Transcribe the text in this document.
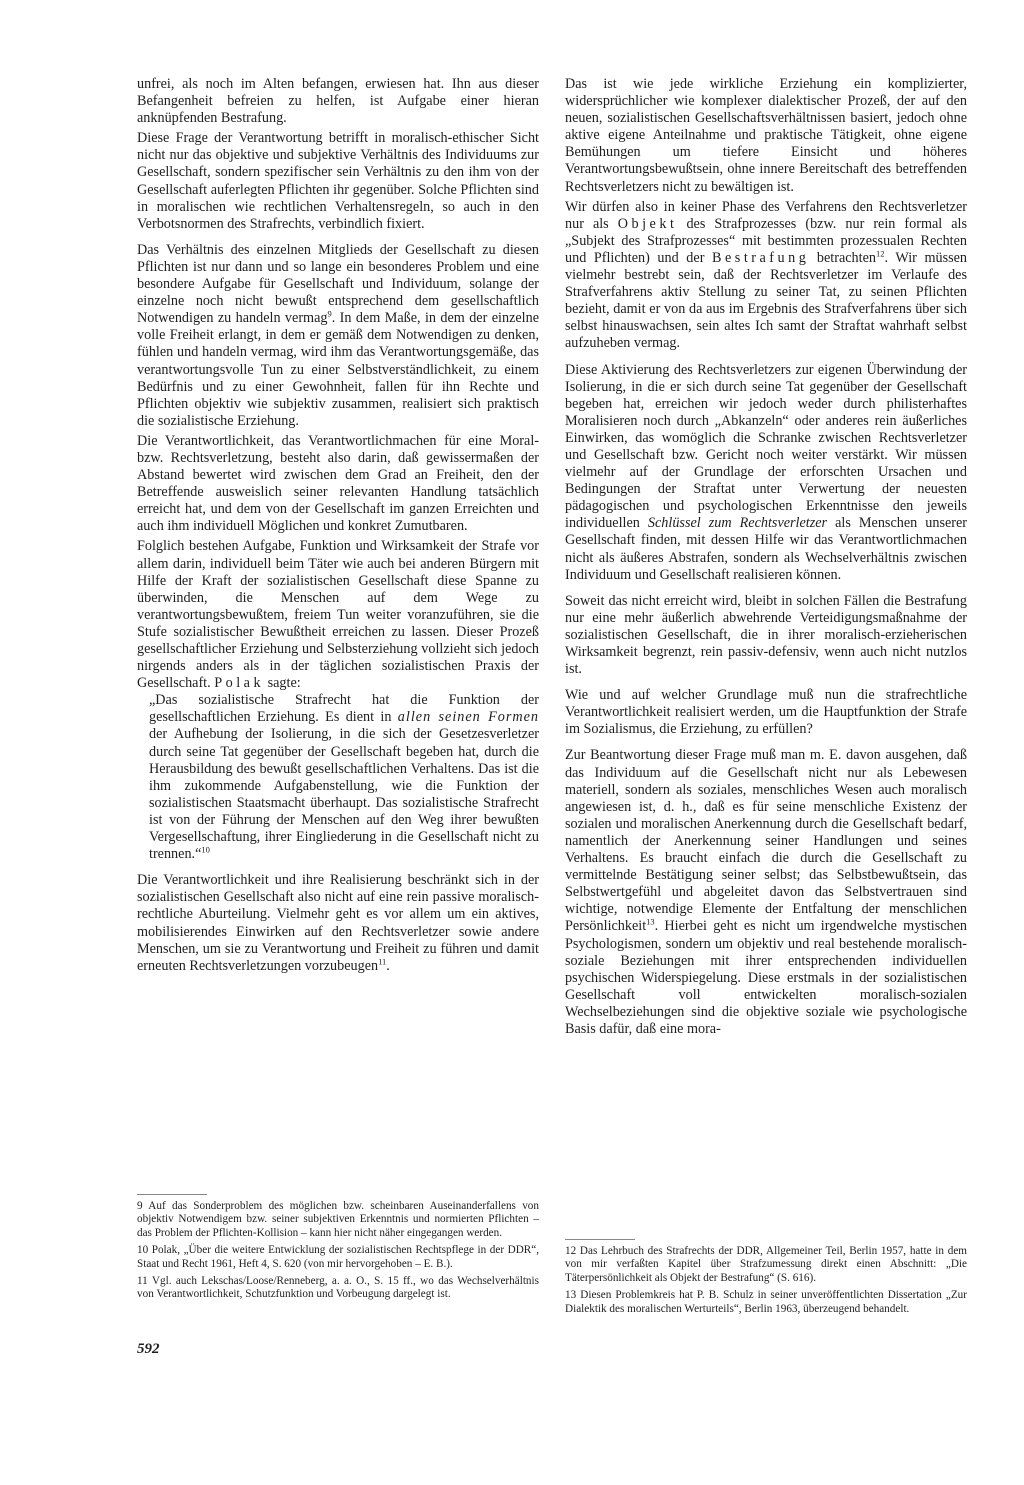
unfrei, als noch im Alten befangen, erwiesen hat. Ihn aus dieser Befangenheit befreien zu helfen, ist Aufgabe einer hieran anknüpfenden Bestrafung.

Diese Frage der Verantwortung betrifft in moralisch-ethischer Sicht nicht nur das objektive und subjektive Verhältnis des Individuums zur Gesellschaft, sondern spezifischer sein Verhältnis zu den ihm von der Gesellschaft auferlegten Pflichten ihr gegenüber. Solche Pflichten sind in moralischen wie rechtlichen Verhaltensregeln, so auch in den Verbotsnormen des Strafrechts, verbindlich fixiert.

Das Verhältnis des einzelnen Mitglieds der Gesellschaft zu diesen Pflichten ist nur dann und so lange ein besonderes Problem und eine besondere Aufgabe für Gesellschaft und Individuum, solange der einzelne noch nicht bewußt entsprechend dem gesellschaftlich Notwendigen zu handeln vermag$^9$. In dem Maße, in dem der einzelne volle Freiheit erlangt, in dem er gemäß dem Notwendigen zu denken, fühlen und handeln vermag, wird ihm das Verantwortungsgemäße, das verantwortungsvolle Tun zu einer Selbstverständlichkeit, zu einem Bedürfnis und zu einer Gewohnheit, fallen für ihn Rechte und Pflichten objektiv wie subjektiv zusammen, realisiert sich praktisch die sozialistische Erziehung.

Die Verantwortlichkeit, das Verantwortlichmachen für eine Moral- bzw. Rechtsverletzung, besteht also darin, daß gewissermaßen der Abstand bewertet wird zwischen dem Grad an Freiheit, den der Betreffende ausweislich seiner relevanten Handlung tatsächlich erreicht hat, und dem von der Gesellschaft im ganzen Erreichten und auch ihm individuell Möglichen und konkret Zumutbaren.

Folglich bestehen Aufgabe, Funktion und Wirksamkeit der Strafe vor allem darin, individuell beim Täter wie auch bei anderen Bürgern mit Hilfe der Kraft der sozialistischen Gesellschaft diese Spanne zu überwinden, die Menschen auf dem Wege zu verantwortungsbewußtem, freiem Tun weiter voranzuführen, sie die Stufe sozialistischer Bewußtheit erreichen zu lassen. Dieser Prozeß gesellschaftlicher Erziehung und Selbsterziehung vollzieht sich jedoch nirgends anders als in der täglichen sozialistischen Praxis der Gesellschaft. Polak sagte:

„Das sozialistische Strafrecht hat die Funktion der gesellschaftlichen Erziehung. Es dient in allen seinen Formen der Aufhebung der Isolierung, in die sich der Gesetzesverletzer durch seine Tat gegenüber der Gesellschaft begeben hat, durch die Herausbildung des bewußt gesellschaftlichen Verhaltens. Das ist die ihm zukommende Aufgabenstellung, wie die Funktion der sozialistischen Staatsmacht überhaupt. Das sozialistische Strafrecht ist von der Führung der Menschen auf den Weg ihrer bewußten Vergesellschaftung, ihrer Eingliederung in die Gesellschaft nicht zu trennen.“$^{10}$

Die Verantwortlichkeit und ihre Realisierung beschränkt sich in der sozialistischen Gesellschaft also nicht auf eine rein passive moralisch-rechtliche Aburteilung. Vielmehr geht es vor allem um ein aktives, mobilisierendes Einwirken auf den Rechtsverletzer sowie andere Menschen, um sie zu Verantwortung und Freiheit zu führen und damit erneuten Rechtsverletzungen vorzubeugen$^{11}$.

9 Auf das Sonderproblem des möglichen bzw. scheinbaren Auseinanderfallens von objektiv Notwendigem bzw. seiner subjektiven Erkenntnis und normierten Pflichten – das Problem der Pflichten-Kollision – kann hier nicht näher eingegangen werden.

10 Polak, „Über die weitere Entwicklung der sozialistischen Rechtspflege in der DDR“, Staat und Recht 1961, Heft 4, S. 620 (von mir hervorgehoben – E. B.).

11 Vgl. auch Lekschas/Loose/Renneberg, a. a. O., S. 15 ff., wo das Wechselverhältnis von Verantwortlichkeit, Schutzfunktion und Vorbeugung dargelegt ist.

Das ist wie jede wirkliche Erziehung ein komplizierter, widersprüchlicher wie komplexer dialektischer Prozeß, der auf den neuen, sozialistischen Gesellschaftsverhältnissen basiert, jedoch ohne aktive eigene Anteilnahme und praktische Tätigkeit, ohne eigene Bemühungen um tiefere Einsicht und höheres Verantwortungsbewußtsein, ohne innere Bereitschaft des betreffenden Rechtsverletzers nicht zu bewältigen ist.

Wir dürfen also in keiner Phase des Verfahrens den Rechtsverletzer nur als Objekt des Strafprozesses (bzw. nur rein formal als „Subjekt des Strafprozesses“ mit bestimmten prozessualen Rechten und Pflichten) und der Bestrafung betrachten$^{12}$. Wir müssen vielmehr bestrebt sein, daß der Rechtsverletzer im Verlaufe des Strafverfahrens aktiv Stellung zu seiner Tat, zu seinen Pflichten bezieht, damit er von da aus im Ergebnis des Strafverfahrens über sich selbst hinauswachsen, sein altes Ich samt der Straftat wahrhaft selbst aufzuheben vermag.

Diese Aktivierung des Rechtsverletzers zur eigenen Überwindung der Isolierung, in die er sich durch seine Tat gegenüber der Gesellschaft begeben hat, erreichen wir jedoch weder durch philisterhaftes Moralisieren noch durch „Abkanzeln“ oder anderes rein äußerliches Einwirken, das womöglich die Schranke zwischen Rechtsverletzer und Gesellschaft bzw. Gericht noch weiter verstärkt. Wir müssen vielmehr auf der Grundlage der erforschten Ursachen und Bedingungen der Straftat unter Verwertung der neuesten pädagogischen und psychologischen Erkenntnisse den jeweils individuellen Schlüssel zum Rechtsverletzer als Menschen unserer Gesellschaft finden, mit dessen Hilfe wir das Verantwortlichmachen nicht als äußeres Abstrafen, sondern als Wechselverhältnis zwischen Individuum und Gesellschaft realisieren können.

Soweit das nicht erreicht wird, bleibt in solchen Fällen die Bestrafung nur eine mehr äußerlich abwehrende Verteidigungsmaßnahme der sozialistischen Gesellschaft, die in ihrer moralisch-erzieherischen Wirksamkeit begrenzt, rein passiv-defensiv, wenn auch nicht nutzlos ist.

Wie und auf welcher Grundlage muß nun die strafrechtliche Verantwortlichkeit realisiert werden, um die Hauptfunktion der Strafe im Sozialismus, die Erziehung, zu erfüllen?

Zur Beantwortung dieser Frage muß man m. E. davon ausgehen, daß das Individuum auf die Gesellschaft nicht nur als Lebewesen materiell, sondern als soziales, menschliches Wesen auch moralisch angewiesen ist, d. h., daß es für seine menschliche Existenz der sozialen und moralischen Anerkennung durch die Gesellschaft bedarf, namentlich der Anerkennung seiner Handlungen und seines Verhaltens. Es braucht einfach die durch die Gesellschaft zu vermittelnde Bestätigung seiner selbst; das Selbstbewußtsein, das Selbstwertgefühl und abgeleitet davon das Selbstvertrauen sind wichtige, notwendige Elemente der Entfaltung der menschlichen Persönlichkeit$^{13}$. Hierbei geht es nicht um irgendwelche mystischen Psychologismen, sondern um objektiv und real bestehende moralisch-soziale Beziehungen mit ihrer entsprechenden individuellen psychischen Widerspiegelung. Diese erstmals in der sozialistischen Gesellschaft voll entwickelten moralisch-sozialen Wechselbeziehungen sind die objektive soziale wie psychologische Basis dafür, daß eine mora-

12 Das Lehrbuch des Strafrechts der DDR, Allgemeiner Teil, Berlin 1957, hatte in dem von mir verfaßten Kapitel über Strafzumessung direkt einen Abschnitt: „Die Täterpersönlichkeit als Objekt der Bestrafung“ (S. 616).

13 Diesen Problemkreis hat P. B. Schulz in seiner unveröffentlichten Dissertation „Zur Dialektik des moralischen Werturteils“, Berlin 1963, überzeugend behandelt.

592
